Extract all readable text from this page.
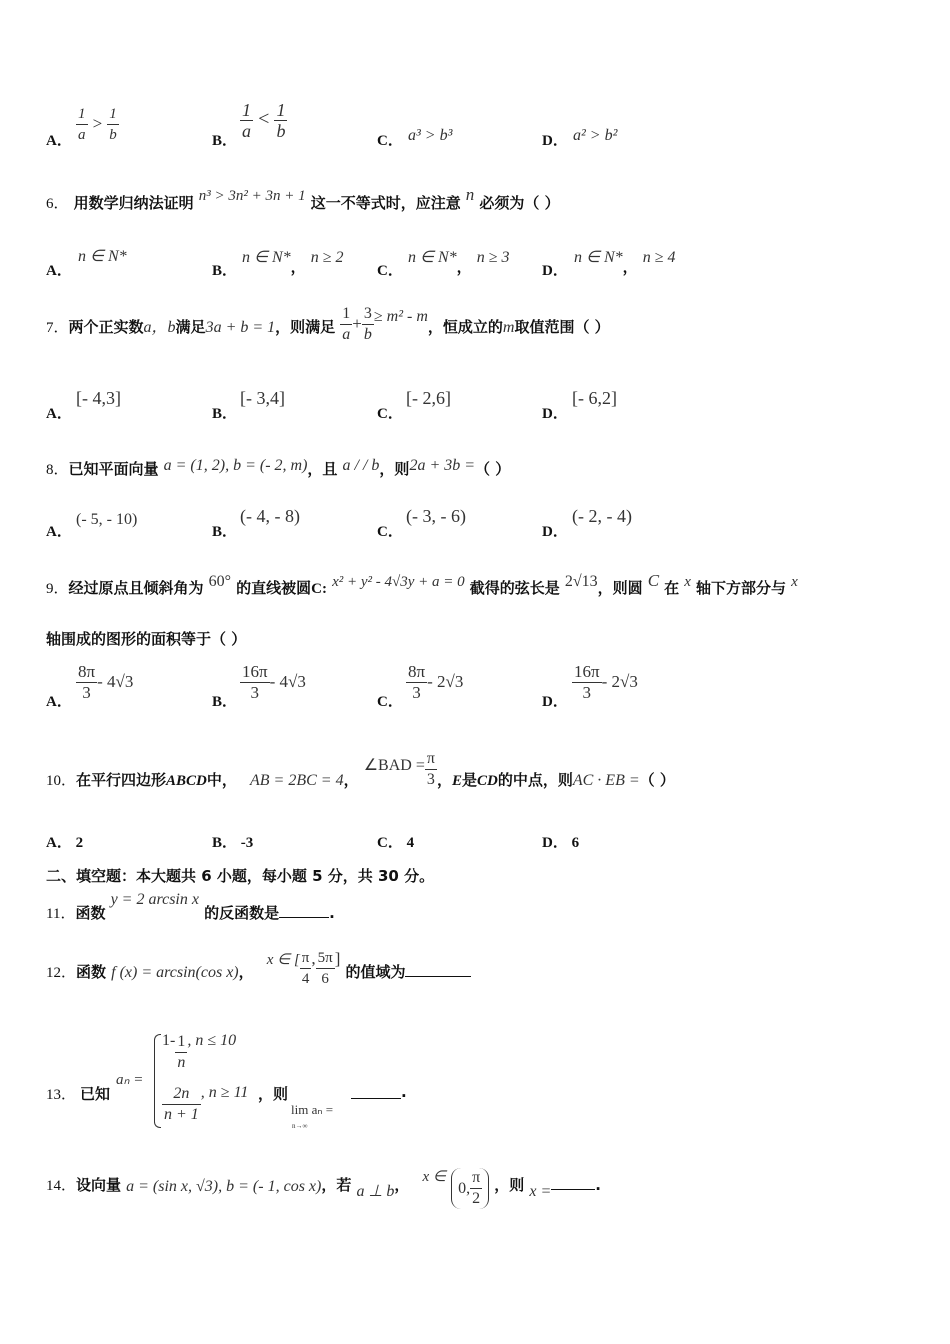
A． $\frac{1}{a} > \frac{1}{b}$	B． $\frac{1}{a} < \frac{1}{b}$	C． a³ > b³	D． a² > b²
6． 用数学归纳法证明 n³ > 3n² + 3n + 1 这一不等式时，应注意 n 必须为（ ）
A．
n ∈ N*
B．
n ∈ N*， n ≥ 2
C．
n ∈ N*， n ≥ 3
D．
n ∈ N*， n ≥ 4
7．两个正实数a，b满足3a + b = 1，则满足 $\frac{1}{a} + \frac{3}{b} \ge m^2 - m$，恒成立的m取值范围（ ）
A．
[- 4,3]
B．
[- 3,4]
C．
[- 2,6]
D．
[- 6,2]
8．已知平面向量 a = (1, 2), b = (- 2, m)，且 a / / b，则2a + 3b =（ ）
A．
(- 5, - 10)
B．
(- 4, - 8)
C．
(- 3, - 6)
D．
(- 2, - 4)
9．经过原点且倾斜角为 60° 的直线被圆C: x² + y² - 4√3y + a = 0 截得的弦长是 2√13，则圆 C 在 x 轴下方部分与 x
轴围成的图形的面积等于（ ）
A． $\frac{8\pi}{3} - 4√3$
B． $\frac{16\pi}{3} - 4√3$
C． $\frac{8\pi}{3} - 2√3$
D． $\frac{16\pi}{3} - 2√3$
10．在平行四边形ABCD中， AB = 2BC = 4， ∠BAD = $\frac{\pi}{3}$ ，E是CD的中点，则AC · EB =（ ）
A． 2	B． -3	C． 4	D． 6
二、填空题：本大题共 6 小题，每小题 5 分，共 30 分。
11．函数 y = 2 arcsin x 的反函数是	.
12．函数 f (x) = arcsin(cos x)， x ∈ [ $\frac{\pi}{4}$ , $\frac{5\pi}{6}$ ] 的值域为
13． 已知
aₙ =
$1- \frac{1}{n}$ , n ≤ 10
$\frac{2n}{n + 1}$ , n ≥ 11 ，则
lim aₙ =
n→∞
.
14．设向量 a = (sin x, √3), b = (- 1, cos x)，若 a ⊥ b， x ∈ 0, $\frac{\pi}{2}$ ，则 x =	.
